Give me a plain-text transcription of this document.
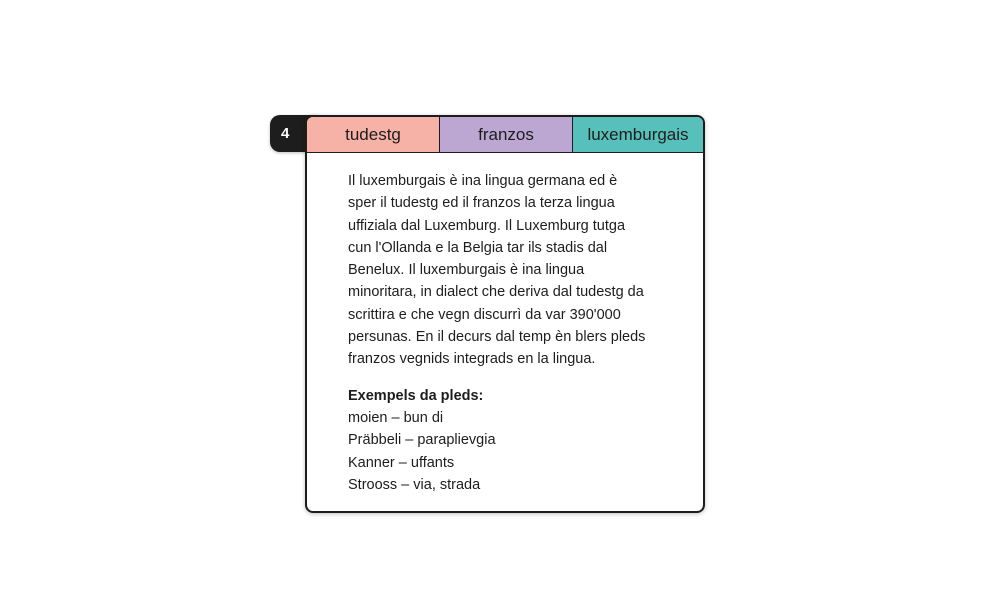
4	tudestg	franzos	luxemburgais
Il luxemburgais è ina lingua germana ed è
sper il tudestg ed il franzos la terza lingua
uffiziala dal Luxemburg. Il Luxemburg tutga
cun l'Ollanda e la Belgia tar ils stadis dal
Benelux. Il luxemburgais è ina lingua
minoritara, in dialect che deriva dal tudestg da
scrittira e che vegn discurrì da var 390'000
persunas. En il decurs dal temp èn blers pleds
franzos vegnids integrads en la lingua.
Exempels da pleds:
moien – bun di
Präbbeli – paraplievgia
Kanner – uffants
Strooss – via, strada
